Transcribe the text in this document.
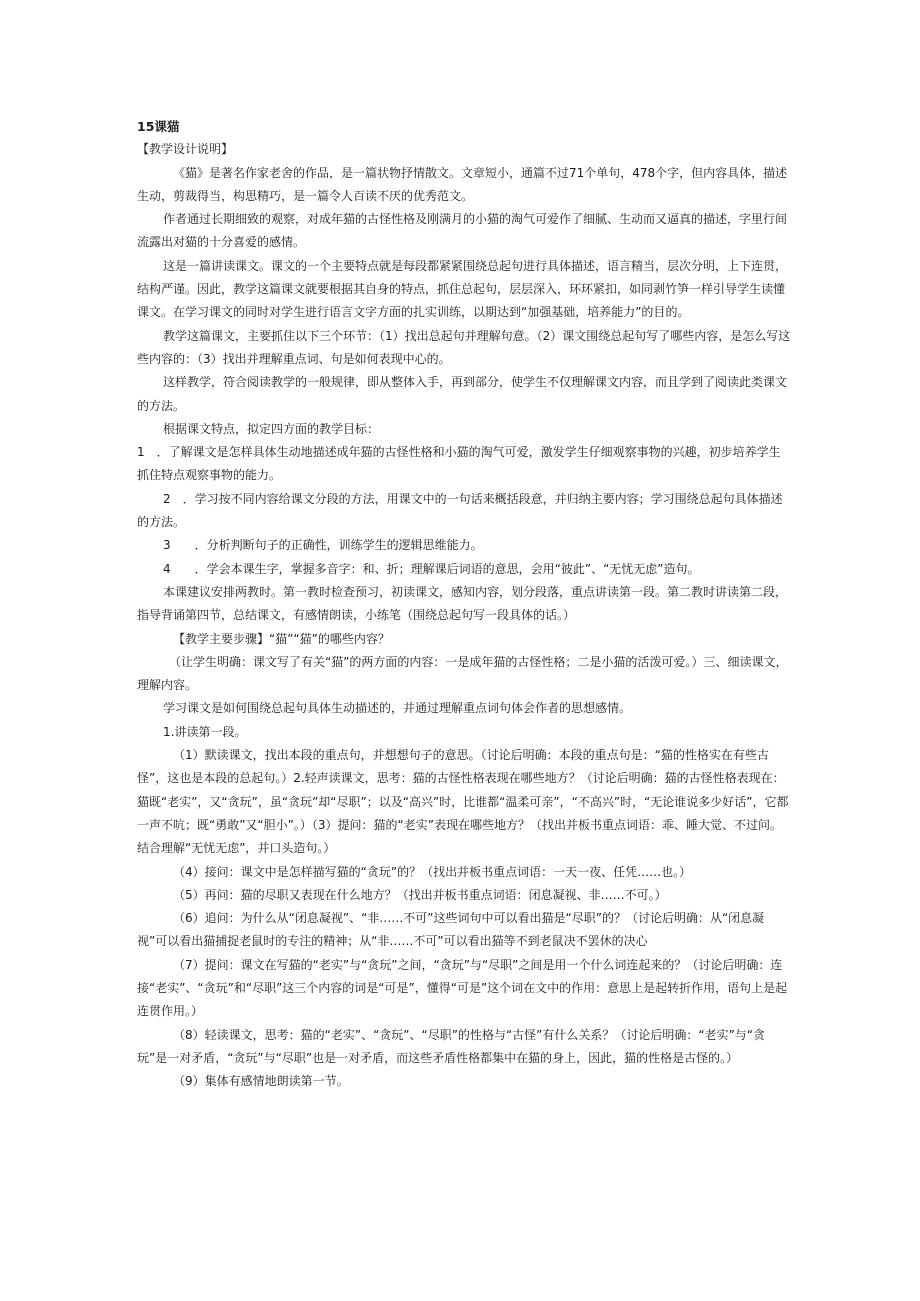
15课猫

【教学设计说明】

《猫》是著名作家老舍的作品，是一篇状物抒情散文。文章短小，通篇不过71个单句，478个字，但内容具体，描述生动，剪裁得当，构思精巧，是一篇令人百读不厌的优秀范文。

作者通过长期细致的观察，对成年猫的古怪性格及刚满月的小猫的淘气可爱作了细腻、生动而又逼真的描述，字里行间流露出对猫的十分喜爱的感情。

这是一篇讲读课文。课文的一个主要特点就是每段都紧紧围绕总起句进行具体描述，语言精当，层次分明，上下连贯，结构严谨。因此，教学这篇课文就要根据其自身的特点，抓住总起句，层层深入，环环紧扣，如同剥竹笋一样引导学生读懂课文。在学习课文的同时对学生进行语言文字方面的扎实训练，以期达到“加强基础，培养能力”的目的。

教学这篇课文，主要抓住以下三个环节：（1）找出总起句并理解句意。（2）课文围绕总起句写了哪些内容，是怎么写这些内容的：（3）找出并理解重点词、句是如何表现中心的。

这样教学，符合阅读教学的一般规律，即从整体入手，再到部分，使学生不仅理解课文内容，而且学到了阅读此类课文的方法。

根据课文特点，拟定四方面的教学目标：

1　．了解课文是怎样具体生动地描述成年猫的古怪性格和小猫的淘气可爱，激发学生仔细观察事物的兴趣，初步培养学生抓住特点观察事物的能力。

2　．学习按不同内容给课文分段的方法，用课文中的一句话来概括段意，并归纳主要内容；学习围绕总起句具体描述的方法。

3　　．分析判断句子的正确性，训练学生的逻辑思维能力。

4　　．学会本课生字，掌握多音字：和、折；理解课后词语的意思，会用“彼此”、“无忧无虑”造句。

本课建议安排两教时。第一教时检查预习，初读课文，感知内容，划分段落，重点讲读第一段。第二教时讲读第二段，指导背诵第四节，总结课文，有感情朗读，小练笔（围绕总起句写一段具体的话。）

【教学主要步骤】“猫”“猫”的哪些内容？

（让学生明确：课文写了有关“猫”的两方面的内容：一是成年猫的古怪性格；二是小猫的活泼可爱。）三、细读课文，理解内容。

学习课文是如何围绕总起句具体生动描述的，并通过理解重点词句体会作者的思想感情。

1.讲读第一段。

（1）默读课文，找出本段的重点句，并想想句子的意思。（讨论后明确：本段的重点句是：“猫的性格实在有些古怪”，这也是本段的总起句。）2.轻声读课文，思考：猫的古怪性格表现在哪些地方？（讨论后明确：猫的古怪性格表现在：猫既“老实”，又“贪玩”，虽“贪玩”却“尽职”；以及“高兴”时，比谁都“温柔可亲”，“不高兴”时，“无论谁说多少好话”，它都一声不吭；既“勇敢”又“胆小”。）（3）提问：猫的“老实”表现在哪些地方？（找出并板书重点词语：乖、睡大觉、不过问。结合理解“无忧无虑”，并口头造句。）

（4）接问：课文中是怎样描写猫的“贪玩”的？（找出并板书重点词语：一天一夜、任凭……也。）

（5）再问：猫的尽职又表现在什么地方？（找出并板书重点词语：闭息凝视、非……不可。）

（6）追问：为什么从“闭息凝视”、“非……不可”这些词句中可以看出猫是“尽职”的？（讨论后明确：从“闭息凝视”可以看出猫捕捉老鼠时的专注的精神；从“非……不可”可以看出猫等不到老鼠决不罢休的决心

（7）提问：课文在写猫的“老实”与“贪玩”之间，“贪玩”与“尽职”之间是用一个什么词连起来的？（讨论后明确：连接“老实”、“贪玩”和“尽职”这三个内容的词是“可是”，懂得“可是”这个词在文中的作用：意思上是起转折作用，语句上是起连贯作用。）

（8）轻读课文，思考：猫的“老实”、“贪玩”、“尽职”的性格与“古怪”有什么关系？（讨论后明确：“老实”与“贪玩”是一对矛盾，“贪玩”与“尽职”也是一对矛盾，而这些矛盾性格都集中在猫的身上，因此，猫的性格是古怪的。）

（9）集体有感情地朗读第一节。
